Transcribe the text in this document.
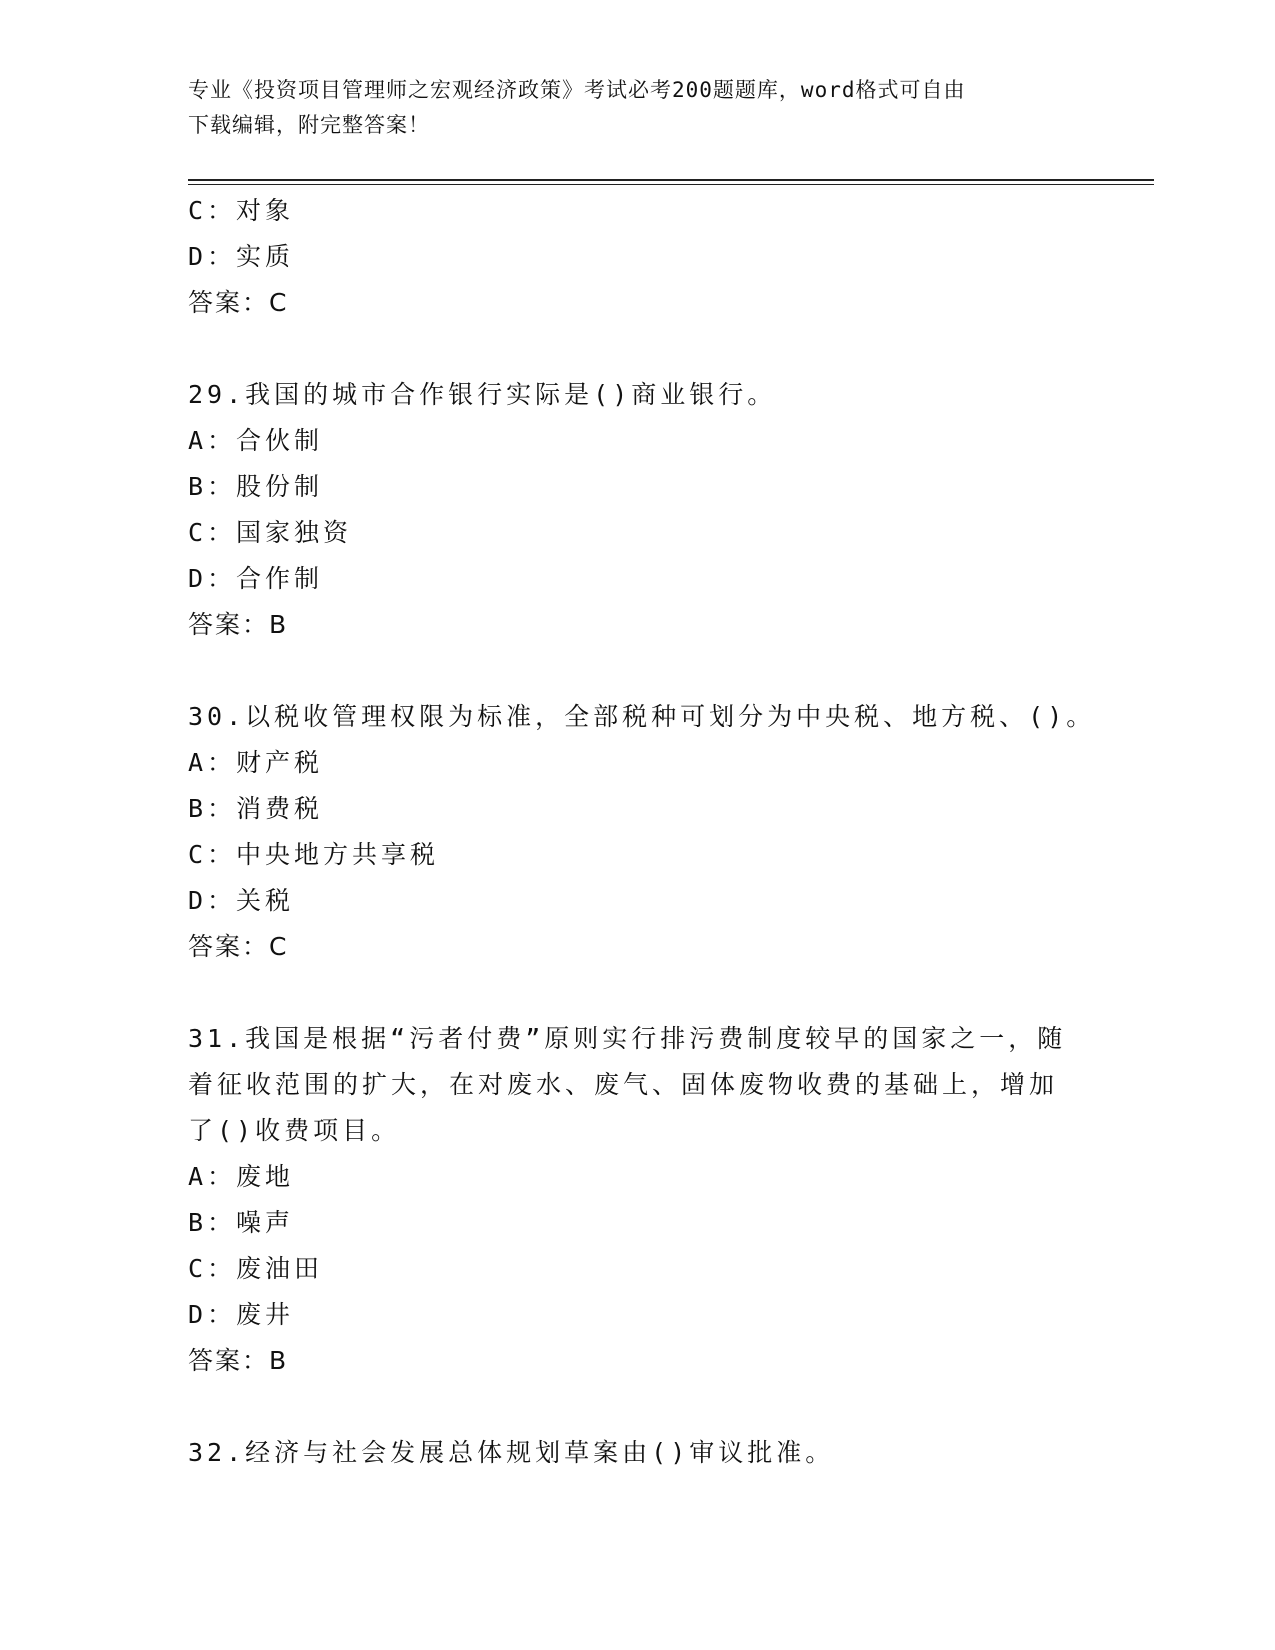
专业《投资项目管理师之宏观经济政策》考试必考200题题库，word格式可自由
下载编辑，附完整答案！
C：对象
D：实质
答案：C
29.我国的城市合作银行实际是()商业银行。
A：合伙制
B：股份制
C：国家独资
D：合作制
答案：B
30.以税收管理权限为标准，全部税种可划分为中央税、地方税、()。
A：财产税
B：消费税
C：中央地方共享税
D：关税
答案：C
31.我国是根据“污者付费”原则实行排污费制度较早的国家之一，随
着征收范围的扩大，在对废水、废气、固体废物收费的基础上，增加
了()收费项目。
A：废地
B：噪声
C：废油田
D：废井
答案：B
32.经济与社会发展总体规划草案由()审议批准。
